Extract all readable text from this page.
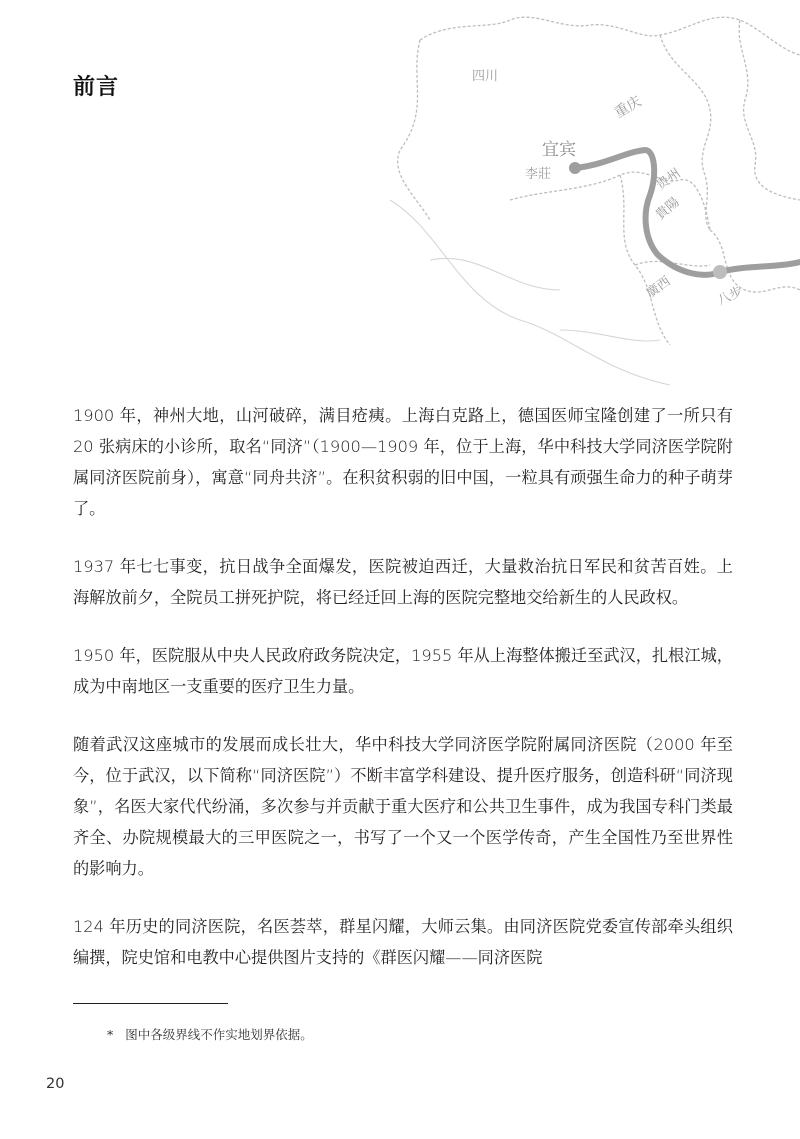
四川
重庆
宜宾
李莊	贵州
貴陽
廣西	八步
前言

1900 年，神州大地，山河破碎，满目疮痍。上海白克路上，德国医师宝隆创建了一所只有 20 张病床的小诊所，取名“同济”（1900—1909 年，位于上海，华中科技大学同济医学院附属同济医院前身），寓意“同舟共济”。在积贫积弱的旧中国，一粒具有顽强生命力的种子萌芽了。

1937 年七七事变，抗日战争全面爆发，医院被迫西迁，大量救治抗日军民和贫苦百姓。上海解放前夕，全院员工拼死护院，将已经迁回上海的医院完整地交给新生的人民政权。

1950 年，医院服从中央人民政府政务院决定，1955 年从上海整体搬迁至武汉，扎根江城，成为中南地区一支重要的医疗卫生力量。

随着武汉这座城市的发展而成长壮大，华中科技大学同济医学院附属同济医院（2000 年至今，位于武汉，以下简称“同济医院”）不断丰富学科建设、提升医疗服务，创造科研“同济现象”，名医大家代代纷涌，多次参与并贡献于重大医疗和公共卫生事件，成为我国专科门类最齐全、办院规模最大的三甲医院之一，书写了一个又一个医学传奇，产生全国性乃至世界性的影响力。

124 年历史的同济医院，名医荟萃，群星闪耀，大师云集。由同济医院党委宣传部牵头组织编撰，院史馆和电教中心提供图片支持的《群医闪耀——同济医院

* 图中各级界线不作实地划界依据。
20
